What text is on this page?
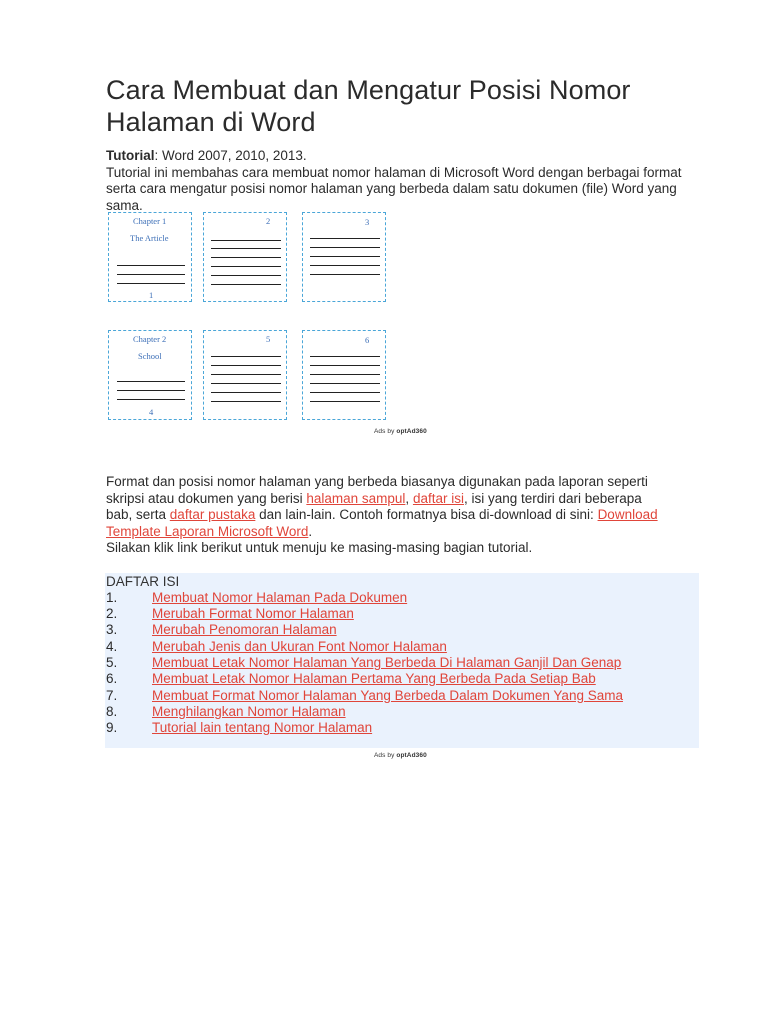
Cara Membuat dan Mengatur Posisi Nomor Halaman di Word
Tutorial: Word 2007, 2010, 2013.
Tutorial ini membahas cara membuat nomor halaman di Microsoft Word dengan berbagai format serta cara mengatur posisi nomor halaman yang berbeda dalam satu dokumen (file) Word yang sama.
Chapter 1
The Article
1
2	3
Chapter 2
School
4
5	6
Ads by optAd360
Format dan posisi nomor halaman yang berbeda biasanya digunakan pada laporan seperti skripsi atau dokumen yang berisi halaman sampul, daftar isi, isi yang terdiri dari beberapa bab, serta daftar pustaka dan lain-lain. Contoh formatnya bisa di-download di sini: Download Template Laporan Microsoft Word.
Silakan klik link berikut untuk menuju ke masing-masing bagian tutorial.
DAFTAR ISI
1.	Membuat Nomor Halaman Pada Dokumen
2.	Merubah Format Nomor Halaman
3.	Merubah Penomoran Halaman
4.	Merubah Jenis dan Ukuran Font Nomor Halaman
5.	Membuat Letak Nomor Halaman Yang Berbeda Di Halaman Ganjil Dan Genap
6.	Membuat Letak Nomor Halaman Pertama Yang Berbeda Pada Setiap Bab
7.	Membuat Format Nomor Halaman Yang Berbeda Dalam Dokumen Yang Sama
8.	Menghilangkan Nomor Halaman
9.	Tutorial lain tentang Nomor Halaman
Ads by optAd360
